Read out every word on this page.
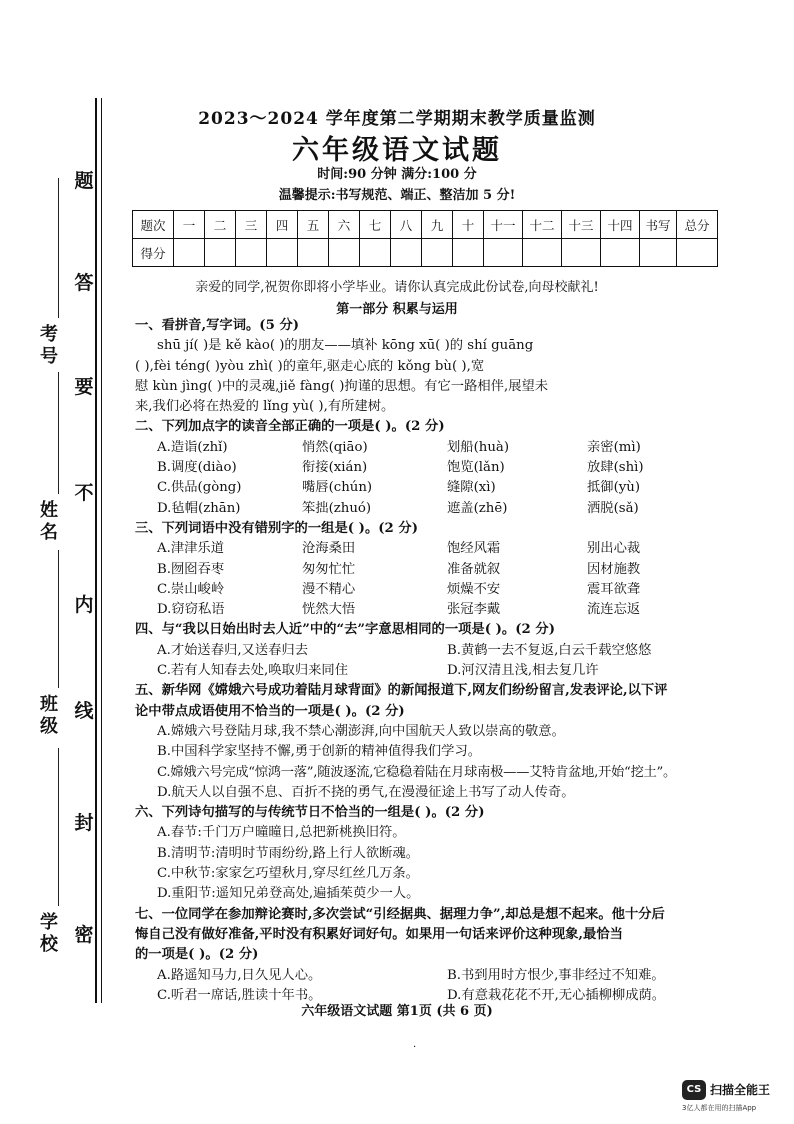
题
答
要
不
内
线
封
密
考号
姓名
班级
学校
2023～2024 学年度第二学期期末教学质量监测
六年级语文试题
时间:90 分钟 满分:100 分
温馨提示:书写规范、端正、整洁加 5 分!
题次	一	二	三	四	五	六	七	八	九	十	十一	十二	十三	十四	书写	总分
得分																
亲爱的同学,祝贺你即将小学毕业。请你认真完成此份试卷,向母校献礼!
第一部分 积累与运用
一、看拼音,写字词。(5 分)
shū jí( )是 kě kào( )的朋友——填补 kōng xū( )的 shí guāng
( ),fèi téng( )yòu zhì( )的童年,驱走心底的 kǒng bù( ),宽
慰 kùn jìng( )中的灵魂,jiě fàng( )拘谨的思想。有它一路相伴,展望未
来,我们必将在热爱的 lǐng yù( ),有所建树。
二、下列加点字的读音全部正确的一项是( )。(2 分)
A.造诣(zhǐ)	悄然(qiāo)	划船(huà)	亲密(mì)
B.调度(diào)	衔接(xián)	饱览(lǎn)	放肆(shì)
C.供品(gòng)	嘴唇(chún)	缝隙(xì)	抵御(yù)
D.毡帽(zhān)	笨拙(zhuó)	遮盖(zhē)	洒脱(sǎ)
三、下列词语中没有错别字的一组是( )。(2 分)
A.津津乐道	沧海桑田	饱经风霜	别出心裁
B.囫囵吞枣	匆匆忙忙	准备就叙	因材施教
C.崇山峻岭	漫不精心	烦燥不安	震耳欲聋
D.窃窃私语	恍然大悟	张冠李戴	流连忘返
四、与“我以日始出时去人近”中的“去”字意思相同的一项是( )。(2 分)
A.才始送春归,又送春归去	B.黄鹤一去不复返,白云千载空悠悠
C.若有人知春去处,唤取归来同住	D.河汉清且浅,相去复几许
五、新华网《嫦娥六号成功着陆月球背面》的新闻报道下,网友们纷纷留言,发表评论,以下评
论中带点成语使用不恰当的一项是( )。(2 分)
A.嫦娥六号登陆月球,我不禁心潮澎湃,向中国航天人致以崇高的敬意。
B.中国科学家坚持不懈,勇于创新的精神值得我们学习。
C.嫦娥六号完成“惊鸿一落”,随波逐流,它稳稳着陆在月球南极——艾特肯盆地,开始“挖土”。
D.航天人以自强不息、百折不挠的勇气,在漫漫征途上书写了动人传奇。
六、下列诗句描写的与传统节日不恰当的一组是( )。(2 分)
A.春节:千门万户曈曈日,总把新桃换旧符。
B.清明节:清明时节雨纷纷,路上行人欲断魂。
C.中秋节:家家乞巧望秋月,穿尽红丝几万条。
D.重阳节:遥知兄弟登高处,遍插茱萸少一人。
七、一位同学在参加辩论赛时,多次尝试“引经据典、据理力争”,却总是想不起来。他十分后
悔自己没有做好准备,平时没有积累好词好句。如果用一句话来评价这种现象,最恰当
的一项是( )。(2 分)
A.路遥知马力,日久见人心。	B.书到用时方恨少,事非经过不知难。
C.听君一席话,胜读十年书。	D.有意栽花花不开,无心插柳柳成荫。
六年级语文试题 第1页 (共 6 页)
·
CS 扫描全能王
3亿人都在用的扫描App
